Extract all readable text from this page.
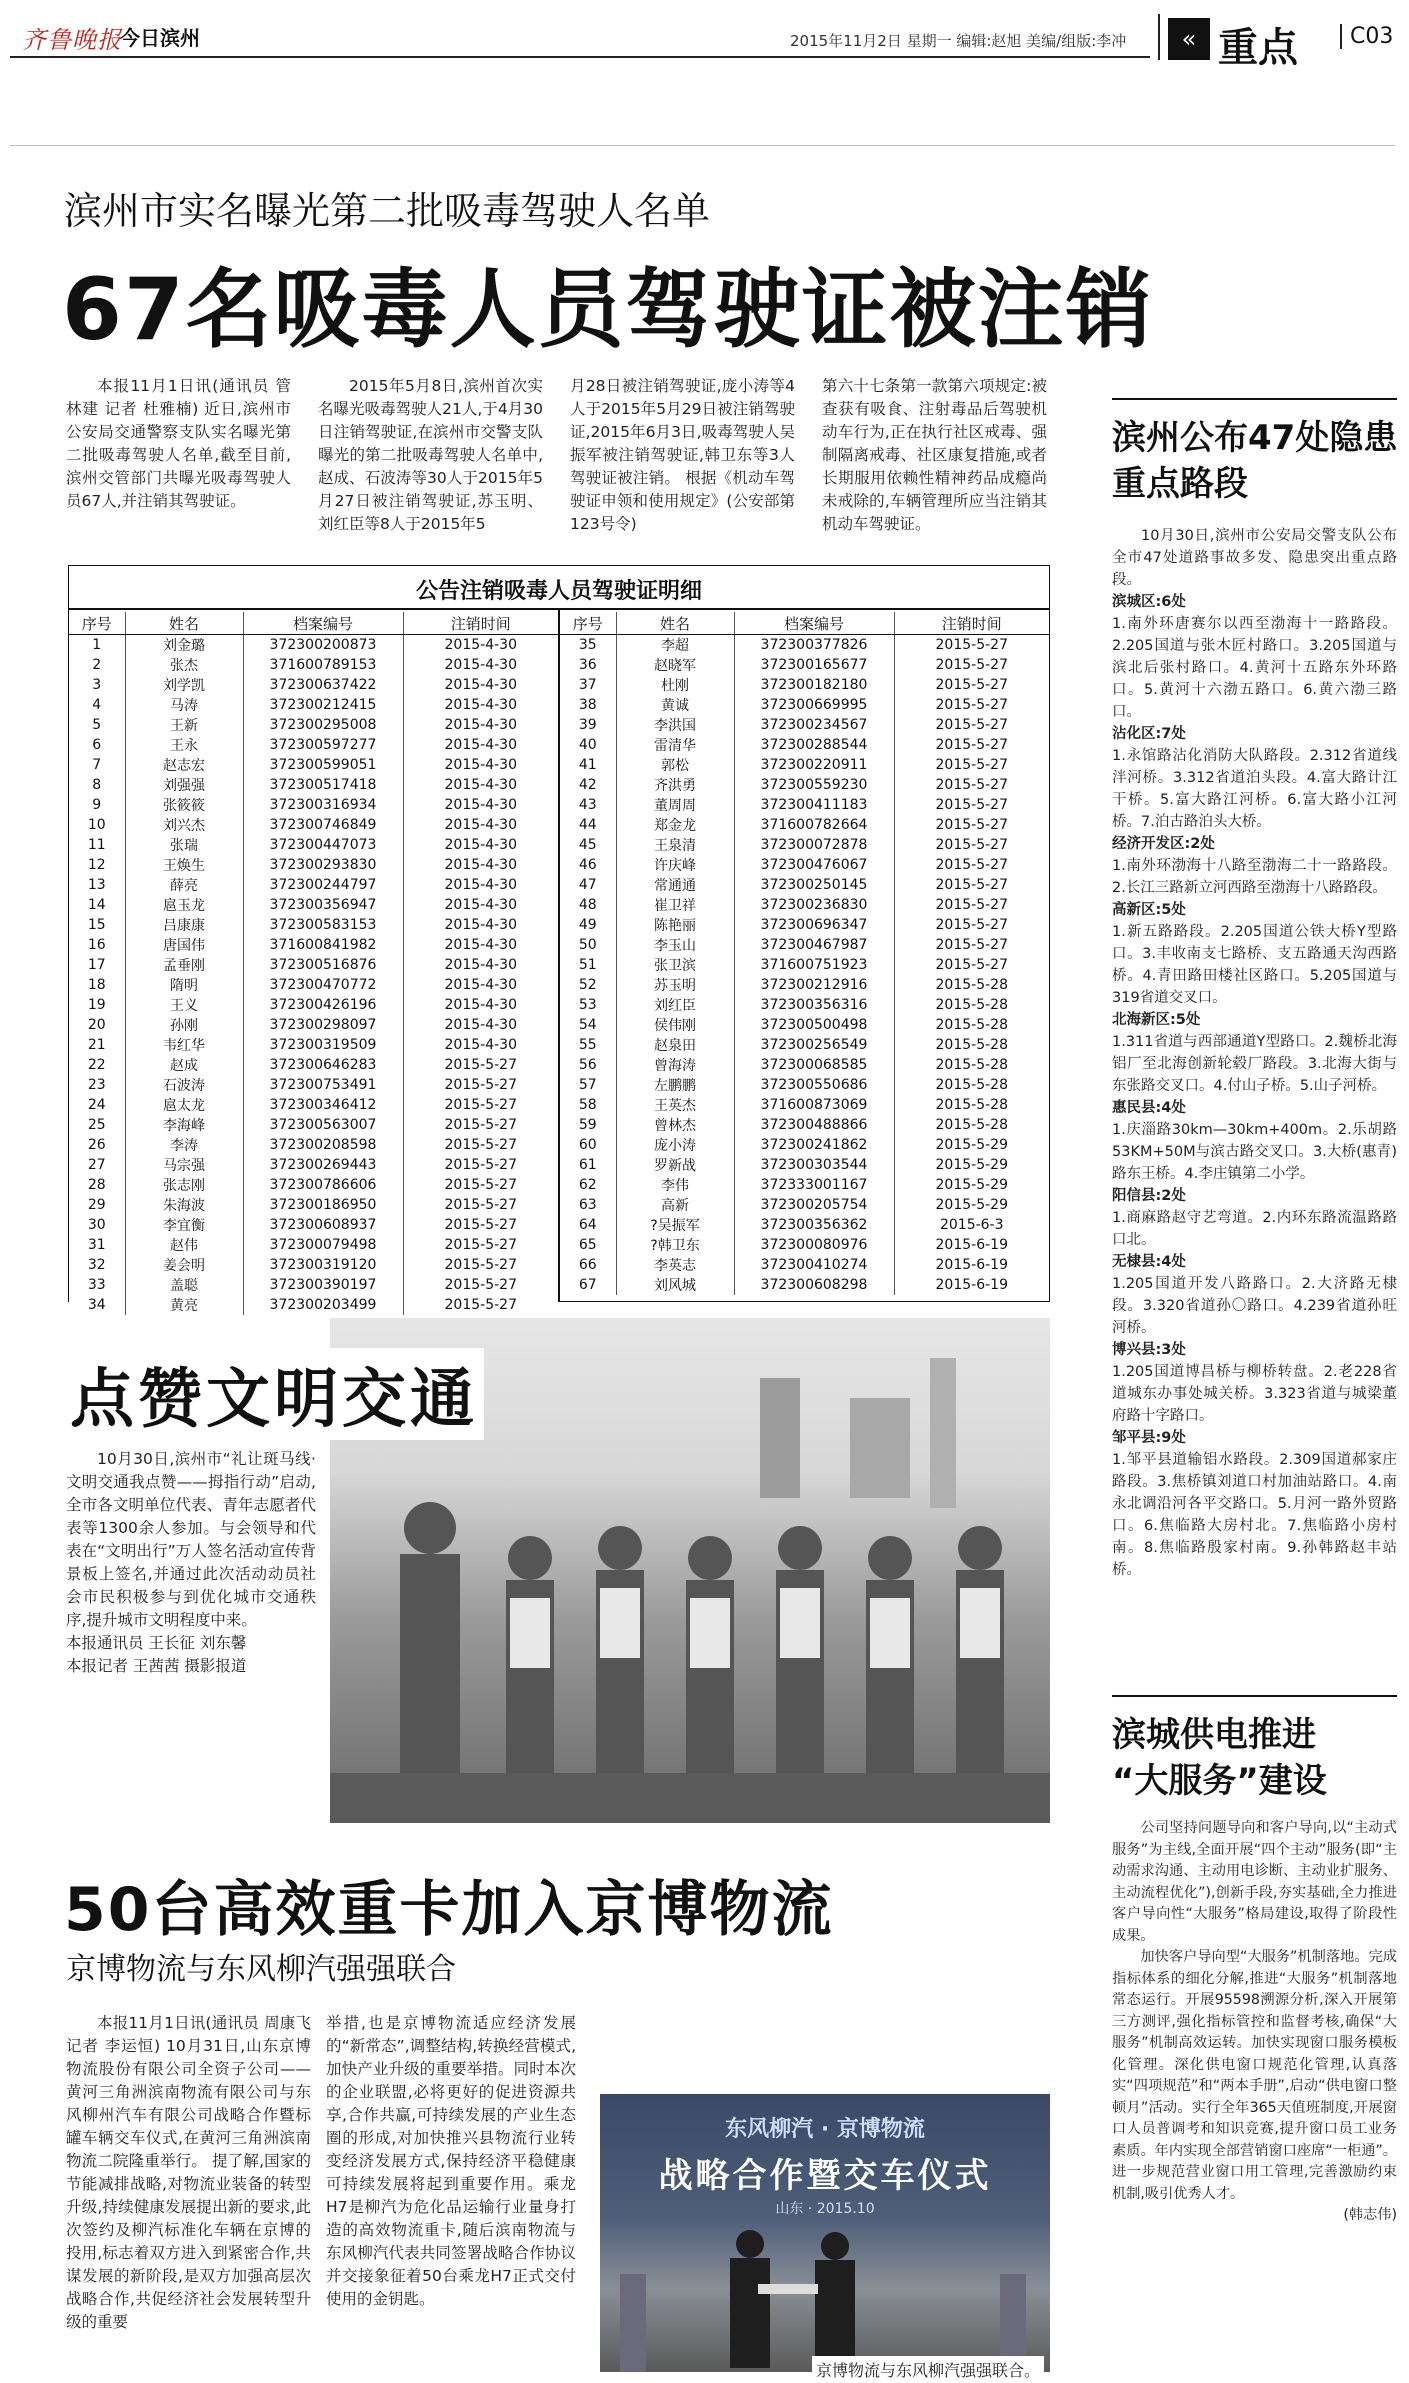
齐鲁晚报
今日滨州	2015年11月2日 星期一 编辑:赵旭 美编/组版:李冲	« 重点	C03
滨州市实名曝光第二批吸毒驾驶人名单
67名吸毒人员驾驶证被注销
本报11月1日讯(通讯员 管林建 记者 杜雅楠) 近日,滨州市公安局交通警察支队实名曝光第二批吸毒驾驶人名单,截至目前,滨州交管部门共曝光吸毒驾驶人员67人,并注销其驾驶证。
2015年5月8日,滨州首次实名曝光吸毒驾驶人21人,于4月30日注销驾驶证,在滨州市交警支队曝光的第二批吸毒驾驶人名单中,赵成、石波涛等30人于2015年5月27日被注销驾驶证,苏玉明、刘红臣等8人于2015年5
月28日被注销驾驶证,庞小涛等4人于2015年5月29日被注销驾驶证,2015年6月3日,吸毒驾驶人吴振军被注销驾驶证,韩卫东等3人驾驶证被注销。 根据《机动车驾驶证申领和使用规定》(公安部第123号令)
第六十七条第一款第六项规定:被查获有吸食、注射毒品后驾驶机动车行为,正在执行社区戒毒、强制隔离戒毒、社区康复措施,或者长期服用依赖性精神药品成瘾尚未戒除的,车辆管理所应当注销其机动车驾驶证。
公告注销吸毒人员驾驶证明细
序号	姓名	档案编号	注销时间
1	刘金璐	372300200873	2015-4-30
2	张杰	371600789153	2015-4-30
3	刘学凯	372300637422	2015-4-30
4	马涛	372300212415	2015-4-30
5	王新	372300295008	2015-4-30
6	王永	372300597277	2015-4-30
7	赵志宏	372300599051	2015-4-30
8	刘强强	372300517418	2015-4-30
9	张筱筱	372300316934	2015-4-30
10	刘兴杰	372300746849	2015-4-30
11	张瑞	372300447073	2015-4-30
12	王焕生	372300293830	2015-4-30
13	薛亮	372300244797	2015-4-30
14	扈玉龙	372300356947	2015-4-30
15	吕康康	372300583153	2015-4-30
16	唐国伟	371600841982	2015-4-30
17	孟垂刚	372300516876	2015-4-30
18	隋明	372300470772	2015-4-30
19	王义	372300426196	2015-4-30
20	孙刚	372300298097	2015-4-30
21	韦红华	372300319509	2015-4-30
22	赵成	372300646283	2015-5-27
23	石波涛	372300753491	2015-5-27
24	扈太龙	372300346412	2015-5-27
25	李海峰	372300563007	2015-5-27
26	李涛	372300208598	2015-5-27
27	马宗强	372300269443	2015-5-27
28	张志刚	372300786606	2015-5-27
29	朱海波	372300186950	2015-5-27
30	李宜衡	372300608937	2015-5-27
31	赵伟	372300079498	2015-5-27
32	姜会明	372300319120	2015-5-27
33	盖聪	372300390197	2015-5-27
34	黄亮	372300203499	2015-5-27
序号	姓名	档案编号	注销时间
35	李超	372300377826	2015-5-27
36	赵晓军	372300165677	2015-5-27
37	杜刚	372300182180	2015-5-27
38	黄诚	372300669995	2015-5-27
39	李洪国	372300234567	2015-5-27
40	雷清华	372300288544	2015-5-27
41	郭松	372300220911	2015-5-27
42	齐洪勇	372300559230	2015-5-27
43	董周周	372300411183	2015-5-27
44	郑金龙	371600782664	2015-5-27
45	王泉清	372300072878	2015-5-27
46	许庆峰	372300476067	2015-5-27
47	常通通	372300250145	2015-5-27
48	崔卫祥	372300236830	2015-5-27
49	陈艳丽	372300696347	2015-5-27
50	李玉山	372300467987	2015-5-27
51	张卫滨	371600751923	2015-5-27
52	苏玉明	372300212916	2015-5-28
53	刘红臣	372300356316	2015-5-28
54	侯伟刚	372300500498	2015-5-28
55	赵泉田	372300256549	2015-5-28
56	曾海涛	372300068585	2015-5-28
57	左鹏鹏	372300550686	2015-5-28
58	王英杰	371600873069	2015-5-28
59	曾林杰	372300488866	2015-5-28
60	庞小涛	372300241862	2015-5-29
61	罗新战	372300303544	2015-5-29
62	李伟	372333001167	2015-5-29
63	高新	372300205754	2015-5-29
64	?吴振军	372300356362	2015-6-3
65	?韩卫东	372300080976	2015-6-19
66	李英志	372300410274	2015-6-19
67	刘风城	372300608298	2015-6-19
点赞文明交通
10月30日,滨州市“礼让斑马线·文明交通我点赞——拇指行动”启动,全市各文明单位代表、青年志愿者代表等1300余人参加。与会领导和代表在“文明出行”万人签名活动宣传背景板上签名,并通过此次活动动员社会市民积极参与到优化城市交通秩序,提升城市文明程度中来。
本报通讯员 王长征 刘东馨
本报记者 王茜茜 摄影报道
50台高效重卡加入京博物流
京博物流与东风柳汽强强联合
本报11月1日讯(通讯员 周康飞 记者 李运恒) 10月31日,山东京博物流股份有限公司全资子公司——黄河三角洲滨南物流有限公司与东风柳州汽车有限公司战略合作暨标罐车辆交车仪式,在黄河三角洲滨南物流二院隆重举行。 提了解,国家的节能减排战略,对物流业装备的转型升级,持续健康发展提出新的要求,此次签约及柳汽标准化车辆在京博的投用,标志着双方进入到紧密合作,共谋发展的新阶段,是双方加强高层次战略合作,共促经济社会发展转型升级的重要
举措,也是京博物流适应经济发展的“新常态”,调整结构,转换经营模式,加快产业升级的重要举措。同时本次的企业联盟,必将更好的促进资源共享,合作共赢,可持续发展的产业生态圈的形成,对加快推兴县物流行业转变经济发展方式,保持经济平稳健康可持续发展将起到重要作用。乘龙H7是柳汽为危化品运输行业量身打造的高效物流重卡,随后滨南物流与东风柳汽代表共同签署战略合作协议并交接象征着50台乘龙H7正式交付使用的金钥匙。
东风柳汽 · 京博物流
战略合作暨交车仪式
山东 · 2015.10
京博物流与东风柳汽强强联合。
滨州公布47处隐患重点路段
10月30日,滨州市公安局交警支队公布全市47处道路事故多发、隐患突出重点路段。
滨城区:6处
1.南外环唐赛尔以西至渤海十一路路段。2.205国道与张木匠村路口。3.205国道与滨北后张村路口。4.黄河十五路东外环路口。5.黄河十六渤五路口。6.黄六渤三路口。
沾化区:7处
1.永馆路沾化消防大队路段。2.312省道线泮河桥。3.312省道泊头段。4.富大路计江干桥。5.富大路江河桥。6.富大路小江河桥。7.泊古路泊头大桥。
经济开发区:2处
1.南外环渤海十八路至渤海二十一路路段。2.长江三路新立河西路至渤海十八路路段。
高新区:5处
1.新五路路段。2.205国道公铁大桥Y型路口。3.丰收南支七路桥、支五路通天沟西路桥。4.青田路田楼社区路口。5.205国道与319省道交叉口。
北海新区:5处
1.311省道与西部通道Y型路口。2.魏桥北海铝厂至北海创新轮毂厂路段。3.北海大街与东张路交叉口。4.付山子桥。5.山子河桥。
惠民县:4处
1.庆淄路30km—30km+400m。2.乐胡路53KM+50M与滨古路交叉口。3.大桥(惠青)路东王桥。4.李庄镇第二小学。
阳信县:2处
1.商麻路赵守艺弯道。2.内环东路流温路路口北。
无棣县:4处
1.205国道开发八路路口。2.大济路无棣段。3.320省道孙〇路口。4.239省道孙旺河桥。
博兴县:3处
1.205国道博昌桥与柳桥转盘。2.老228省道城东办事处城关桥。3.323省道与城梁董府路十字路口。
邹平县:9处
1.邹平县道输铝水路段。2.309国道郝家庄路段。3.焦桥镇刘道口村加油站路口。4.南永北调沿河各平交路口。5.月河一路外贸路口。6.焦临路大房村北。7.焦临路小房村南。8.焦临路殷家村南。9.孙韩路赵丰站桥。
滨城供电推进
“大服务”建设
公司坚持问题导向和客户导向,以“主动式服务”为主线,全面开展“四个主动”服务(即“主动需求沟通、主动用电诊断、主动业扩服务、主动流程优化”),创新手段,夯实基础,全力推进客户导向性“大服务”格局建设,取得了阶段性成果。
加快客户导向型“大服务”机制落地。完成指标体系的细化分解,推进“大服务”机制落地常态运行。开展95598溯源分析,深入开展第三方测评,强化指标管控和监督考核,确保“大服务”机制高效运转。加快实现窗口服务模板化管理。深化供电窗口规范化管理,认真落实“四项规范”和“两本手册”,启动“供电窗口整顿月”活动。实行全年365天值班制度,开展窗口人员普调考和知识竞赛,提升窗口员工业务素质。年内实现全部营销窗口座席“一柜通”。进一步规范营业窗口用工管理,完善激励约束机制,吸引优秀人才。
(韩志伟)
